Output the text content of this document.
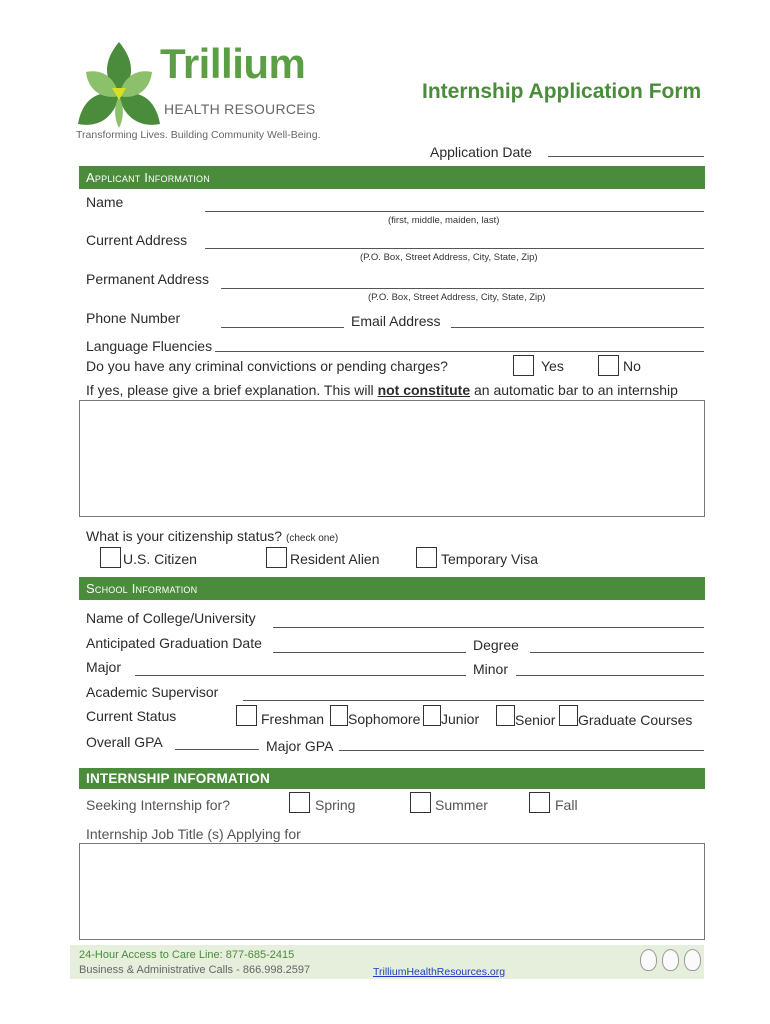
Trillium
HEALTH RESOURCES
Transforming Lives. Building Community Well-Being.
Internship Application Form
Application Date
Applicant Information
Name
(first, middle, maiden, last)
Current Address
(P.O. Box, Street Address, City, State, Zip)
Permanent Address
(P.O. Box, Street Address, City, State, Zip)
Phone Number	Email Address
Language Fluencies
Do you have any criminal convictions or pending charges?	Yes	No
If yes, please give a brief explanation. This will not constitute an automatic bar to an internship
What is your citizenship status? (check one)
U.S. Citizen	Resident Alien	Temporary Visa
School Information
Name of College/University
Anticipated Graduation Date	Degree
Major	Minor
Academic Supervisor
Current Status	Freshman Sophomore Junior	Senior Graduate Courses
Overall GPA	Major GPA
INTERNSHIP INFORMATION
Seeking Internship for?	Spring	Summer	Fall
Internship Job Title (s) Applying for
24-Hour Access to Care Line: 877-685-2415
Business & Administrative Calls - 866.998.2597	TrilliumHealthResources.org
